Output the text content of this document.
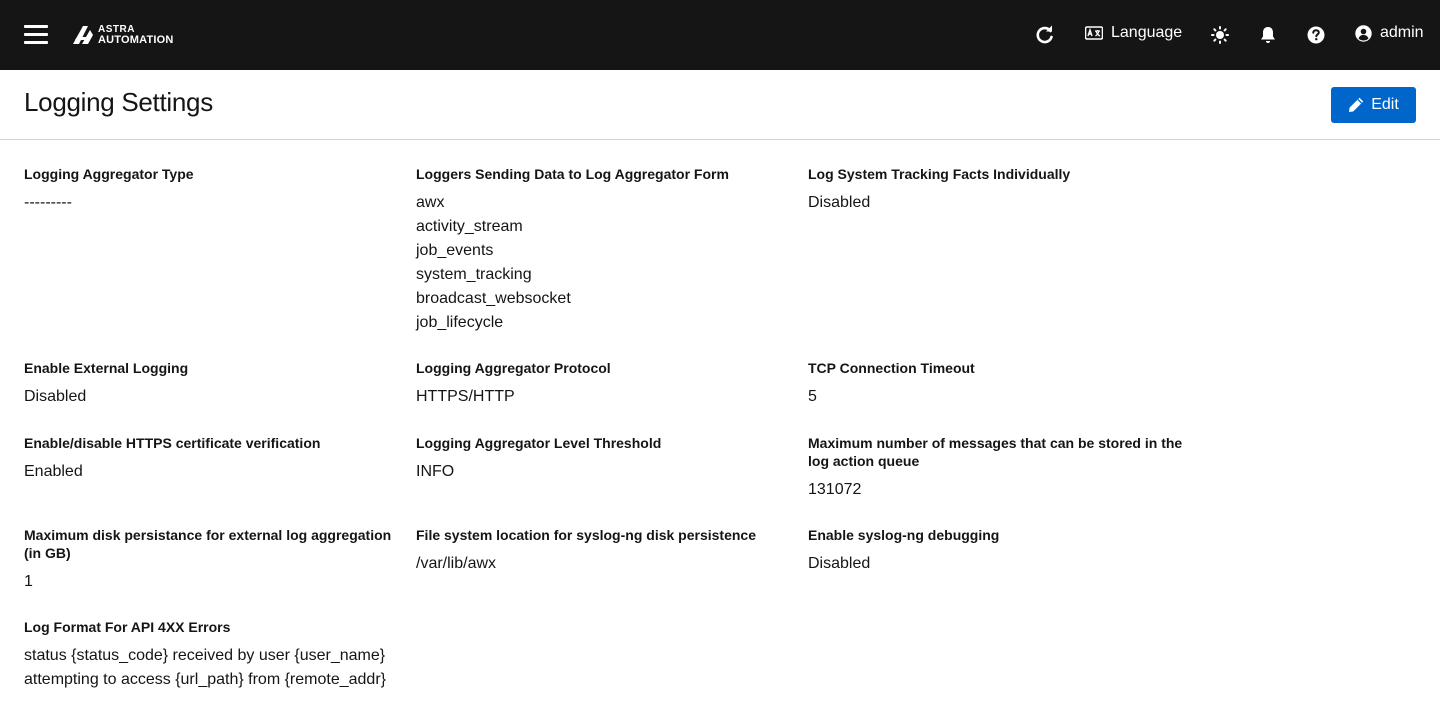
ASTRA
AUTOMATION	Language	admin
Logging Settings	Edit
Logging Aggregator Type
---------
Loggers Sending Data to Log Aggregator Form
awx
activity_stream
job_events
system_tracking
broadcast_websocket
job_lifecycle
Log System Tracking Facts Individually
Disabled
Enable External Logging
Disabled
Logging Aggregator Protocol
HTTPS/HTTP
TCP Connection Timeout
5
Enable/disable HTTPS certificate verification
Enabled
Logging Aggregator Level Threshold
INFO
Maximum number of messages that can be stored in the log action queue
131072
Maximum disk persistance for external log aggregation (in GB)
1
File system location for syslog-ng disk persistence
/var/lib/awx
Enable syslog-ng debugging
Disabled
Log Format For API 4XX Errors
status {status_code} received by user {user_name} attempting to access {url_path} from {remote_addr}
